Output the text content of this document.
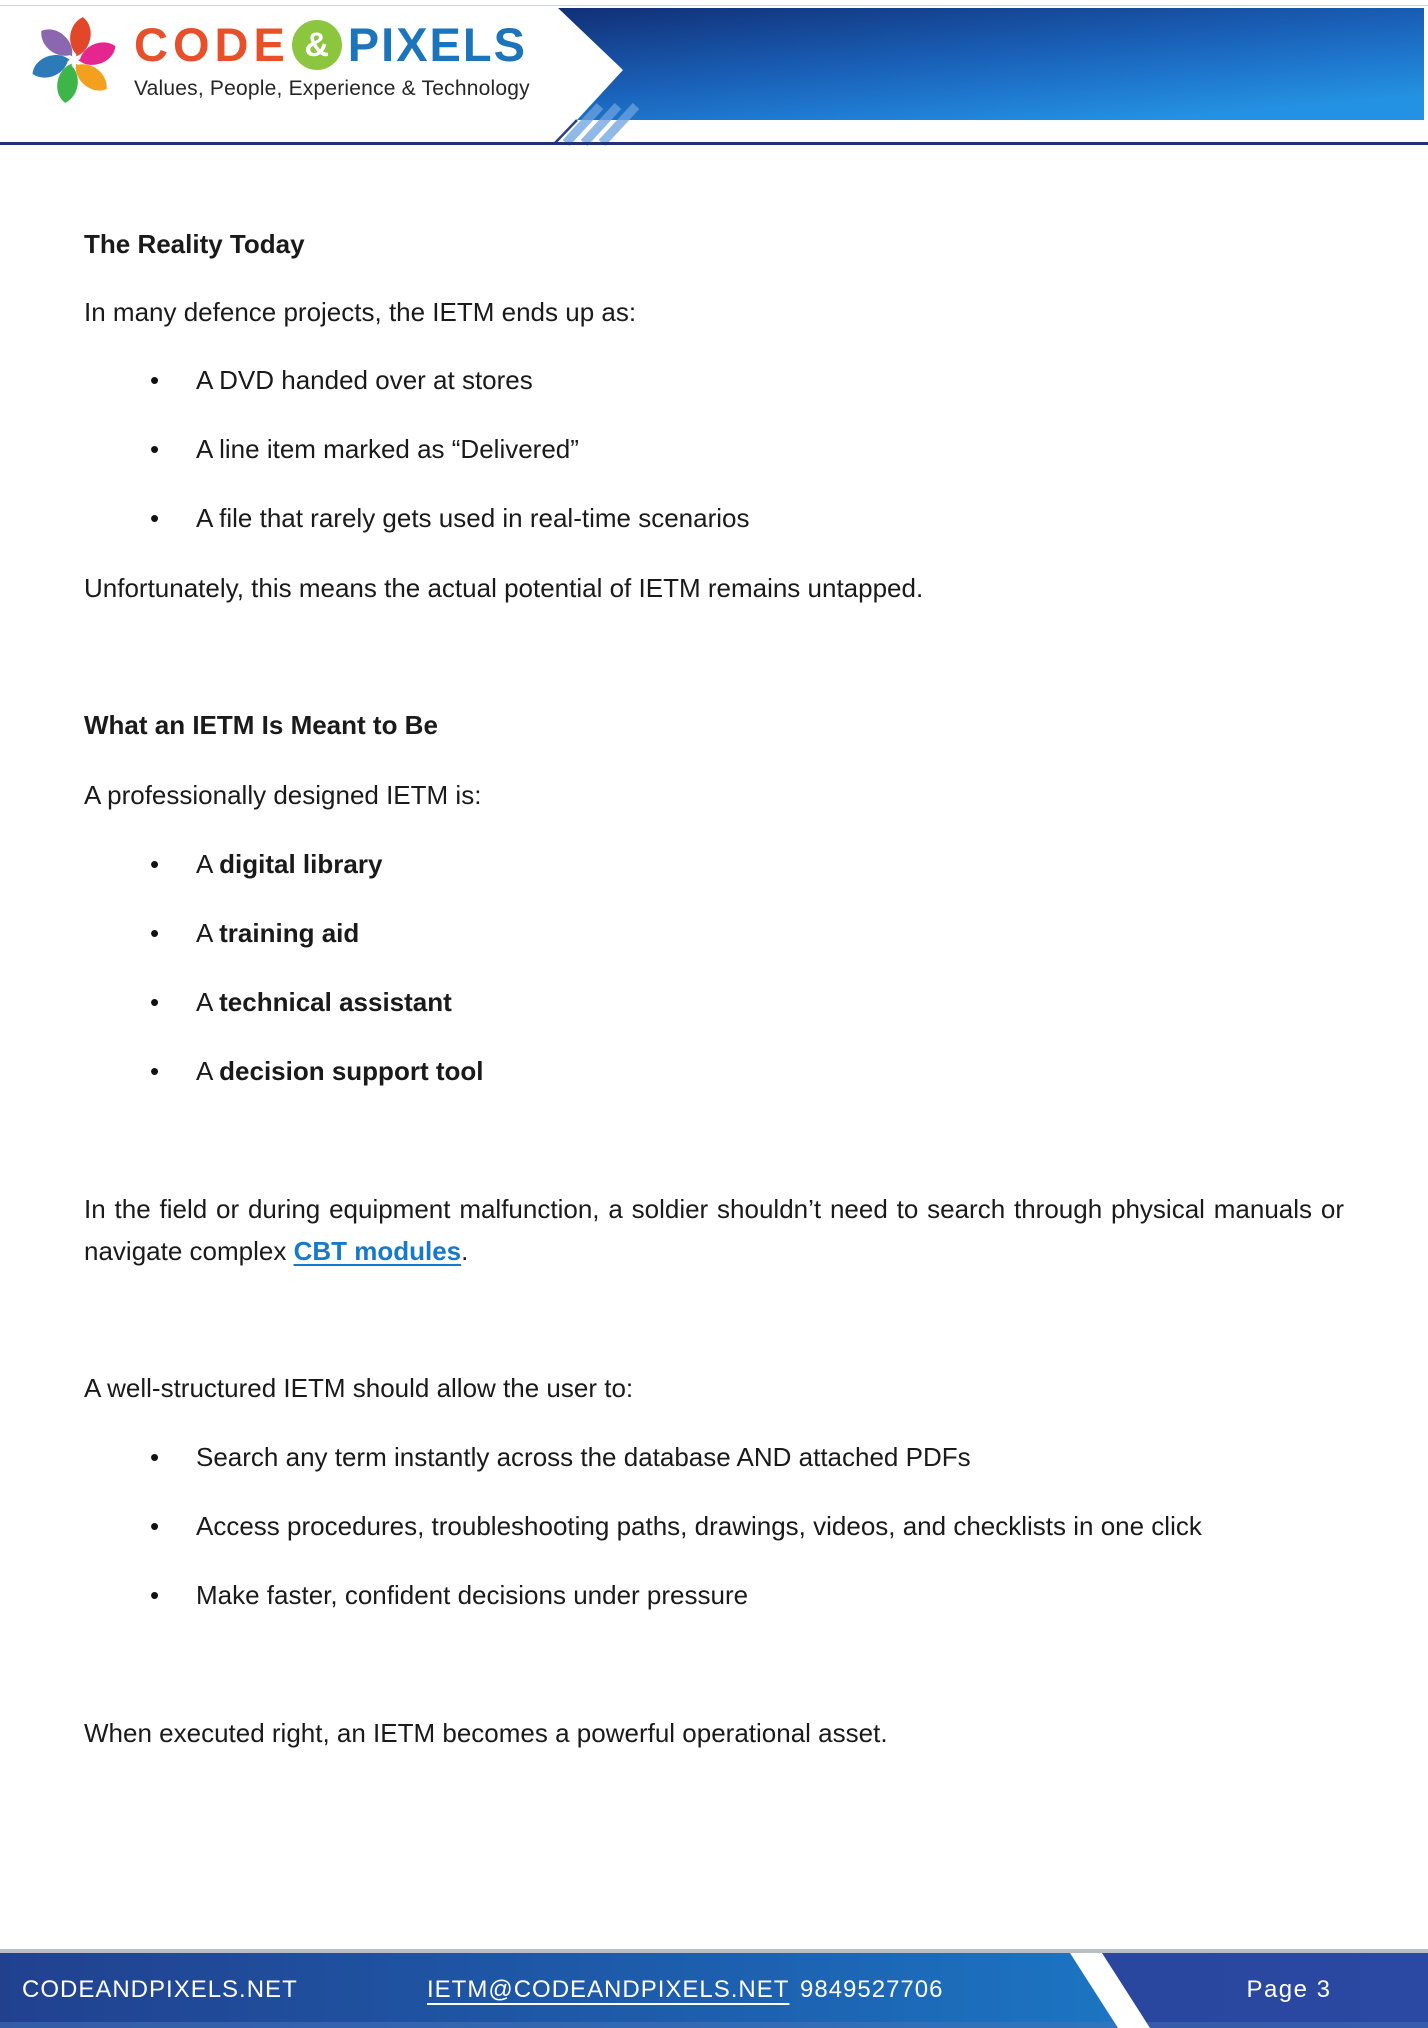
CODE & PIXELS
Values, People, Experience & Technology
The Reality Today
In many defence projects, the IETM ends up as:
• A DVD handed over at stores
• A line item marked as “Delivered”
• A file that rarely gets used in real-time scenarios
Unfortunately, this means the actual potential of IETM remains untapped.
What an IETM Is Meant to Be
A professionally designed IETM is:
• A digital library
• A training aid
• A technical assistant
• A decision support tool
In the field or during equipment malfunction, a soldier shouldn’t need to search through physical manuals or navigate complex CBT modules.
A well-structured IETM should allow the user to:
• Search any term instantly across the database AND attached PDFs
• Access procedures, troubleshooting paths, drawings, videos, and checklists in one click
• Make faster, confident decisions under pressure
When executed right, an IETM becomes a powerful operational asset.
CODEANDPIXELS.NET	IETM@CODEANDPIXELS.NET 9849527706	Page 3
